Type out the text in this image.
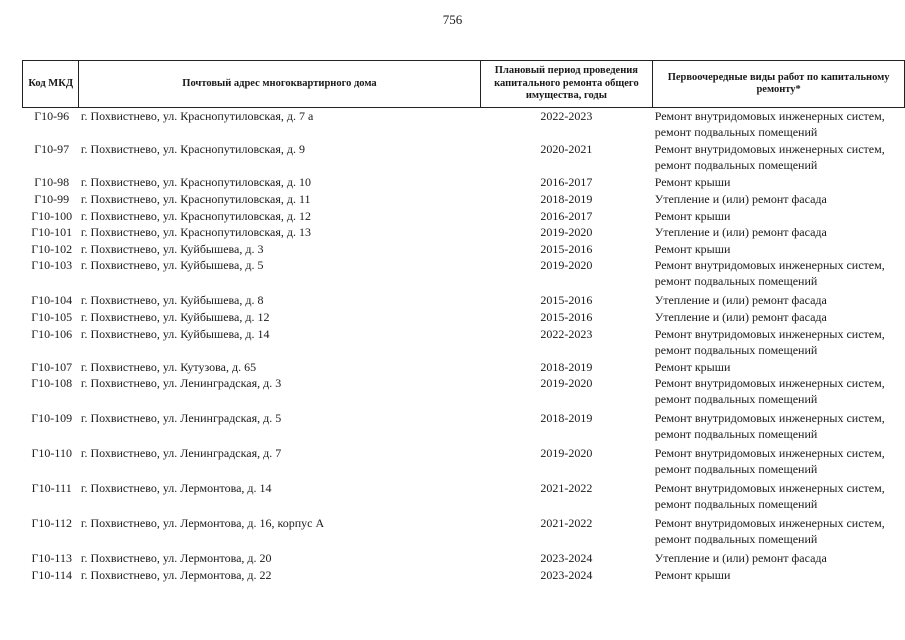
756
Код МКД	Почтовый адрес многоквартирного дома	Плановый период проведения капитального ремонта общего имущества, годы	Первоочередные виды работ по капитальному ремонту*
Г10-96	г. Похвистнево, ул. Краснопутиловская, д. 7 а	2022-2023	Ремонт внутридомовых инженерных систем, ремонт подвальных помещений
Г10-97	г. Похвистнево, ул. Краснопутиловская, д. 9	2020-2021	Ремонт внутридомовых инженерных систем, ремонт подвальных помещений
Г10-98	г. Похвистнево, ул. Краснопутиловская, д. 10	2016-2017	Ремонт крыши
Г10-99	г. Похвистнево, ул. Краснопутиловская, д. 11	2018-2019	Утепление и (или) ремонт фасада
Г10-100	г. Похвистнево, ул. Краснопутиловская, д. 12	2016-2017	Ремонт крыши
Г10-101	г. Похвистнево, ул. Краснопутиловская, д. 13	2019-2020	Утепление и (или) ремонт фасада
Г10-102	г. Похвистнево, ул. Куйбышева, д. 3	2015-2016	Ремонт крыши
Г10-103	г. Похвистнево, ул. Куйбышева, д. 5	2019-2020	Ремонт внутридомовых инженерных систем, ремонт подвальных помещений
Г10-104	г. Похвистнево, ул. Куйбышева, д. 8	2015-2016	Утепление и (или) ремонт фасада
Г10-105	г. Похвистнево, ул. Куйбышева, д. 12	2015-2016	Утепление и (или) ремонт фасада
Г10-106	г. Похвистнево, ул. Куйбышева, д. 14	2022-2023	Ремонт внутридомовых инженерных систем, ремонт подвальных помещений
Г10-107	г. Похвистнево, ул. Кутузова, д. 65	2018-2019	Ремонт крыши
Г10-108	г. Похвистнево, ул. Ленинградская, д. 3	2019-2020	Ремонт внутридомовых инженерных систем, ремонт подвальных помещений
Г10-109	г. Похвистнево, ул. Ленинградская, д. 5	2018-2019	Ремонт внутридомовых инженерных систем, ремонт подвальных помещений
Г10-110	г. Похвистнево, ул. Ленинградская, д. 7	2019-2020	Ремонт внутридомовых инженерных систем, ремонт подвальных помещений
Г10-111	г. Похвистнево, ул. Лермонтова, д. 14	2021-2022	Ремонт внутридомовых инженерных систем, ремонт подвальных помещений
Г10-112	г. Похвистнево, ул. Лермонтова, д. 16, корпус А	2021-2022	Ремонт внутридомовых инженерных систем, ремонт подвальных помещений
Г10-113	г. Похвистнево, ул. Лермонтова, д. 20	2023-2024	Утепление и (или) ремонт фасада
Г10-114	г. Похвистнево, ул. Лермонтова, д. 22	2023-2024	Ремонт крыши
